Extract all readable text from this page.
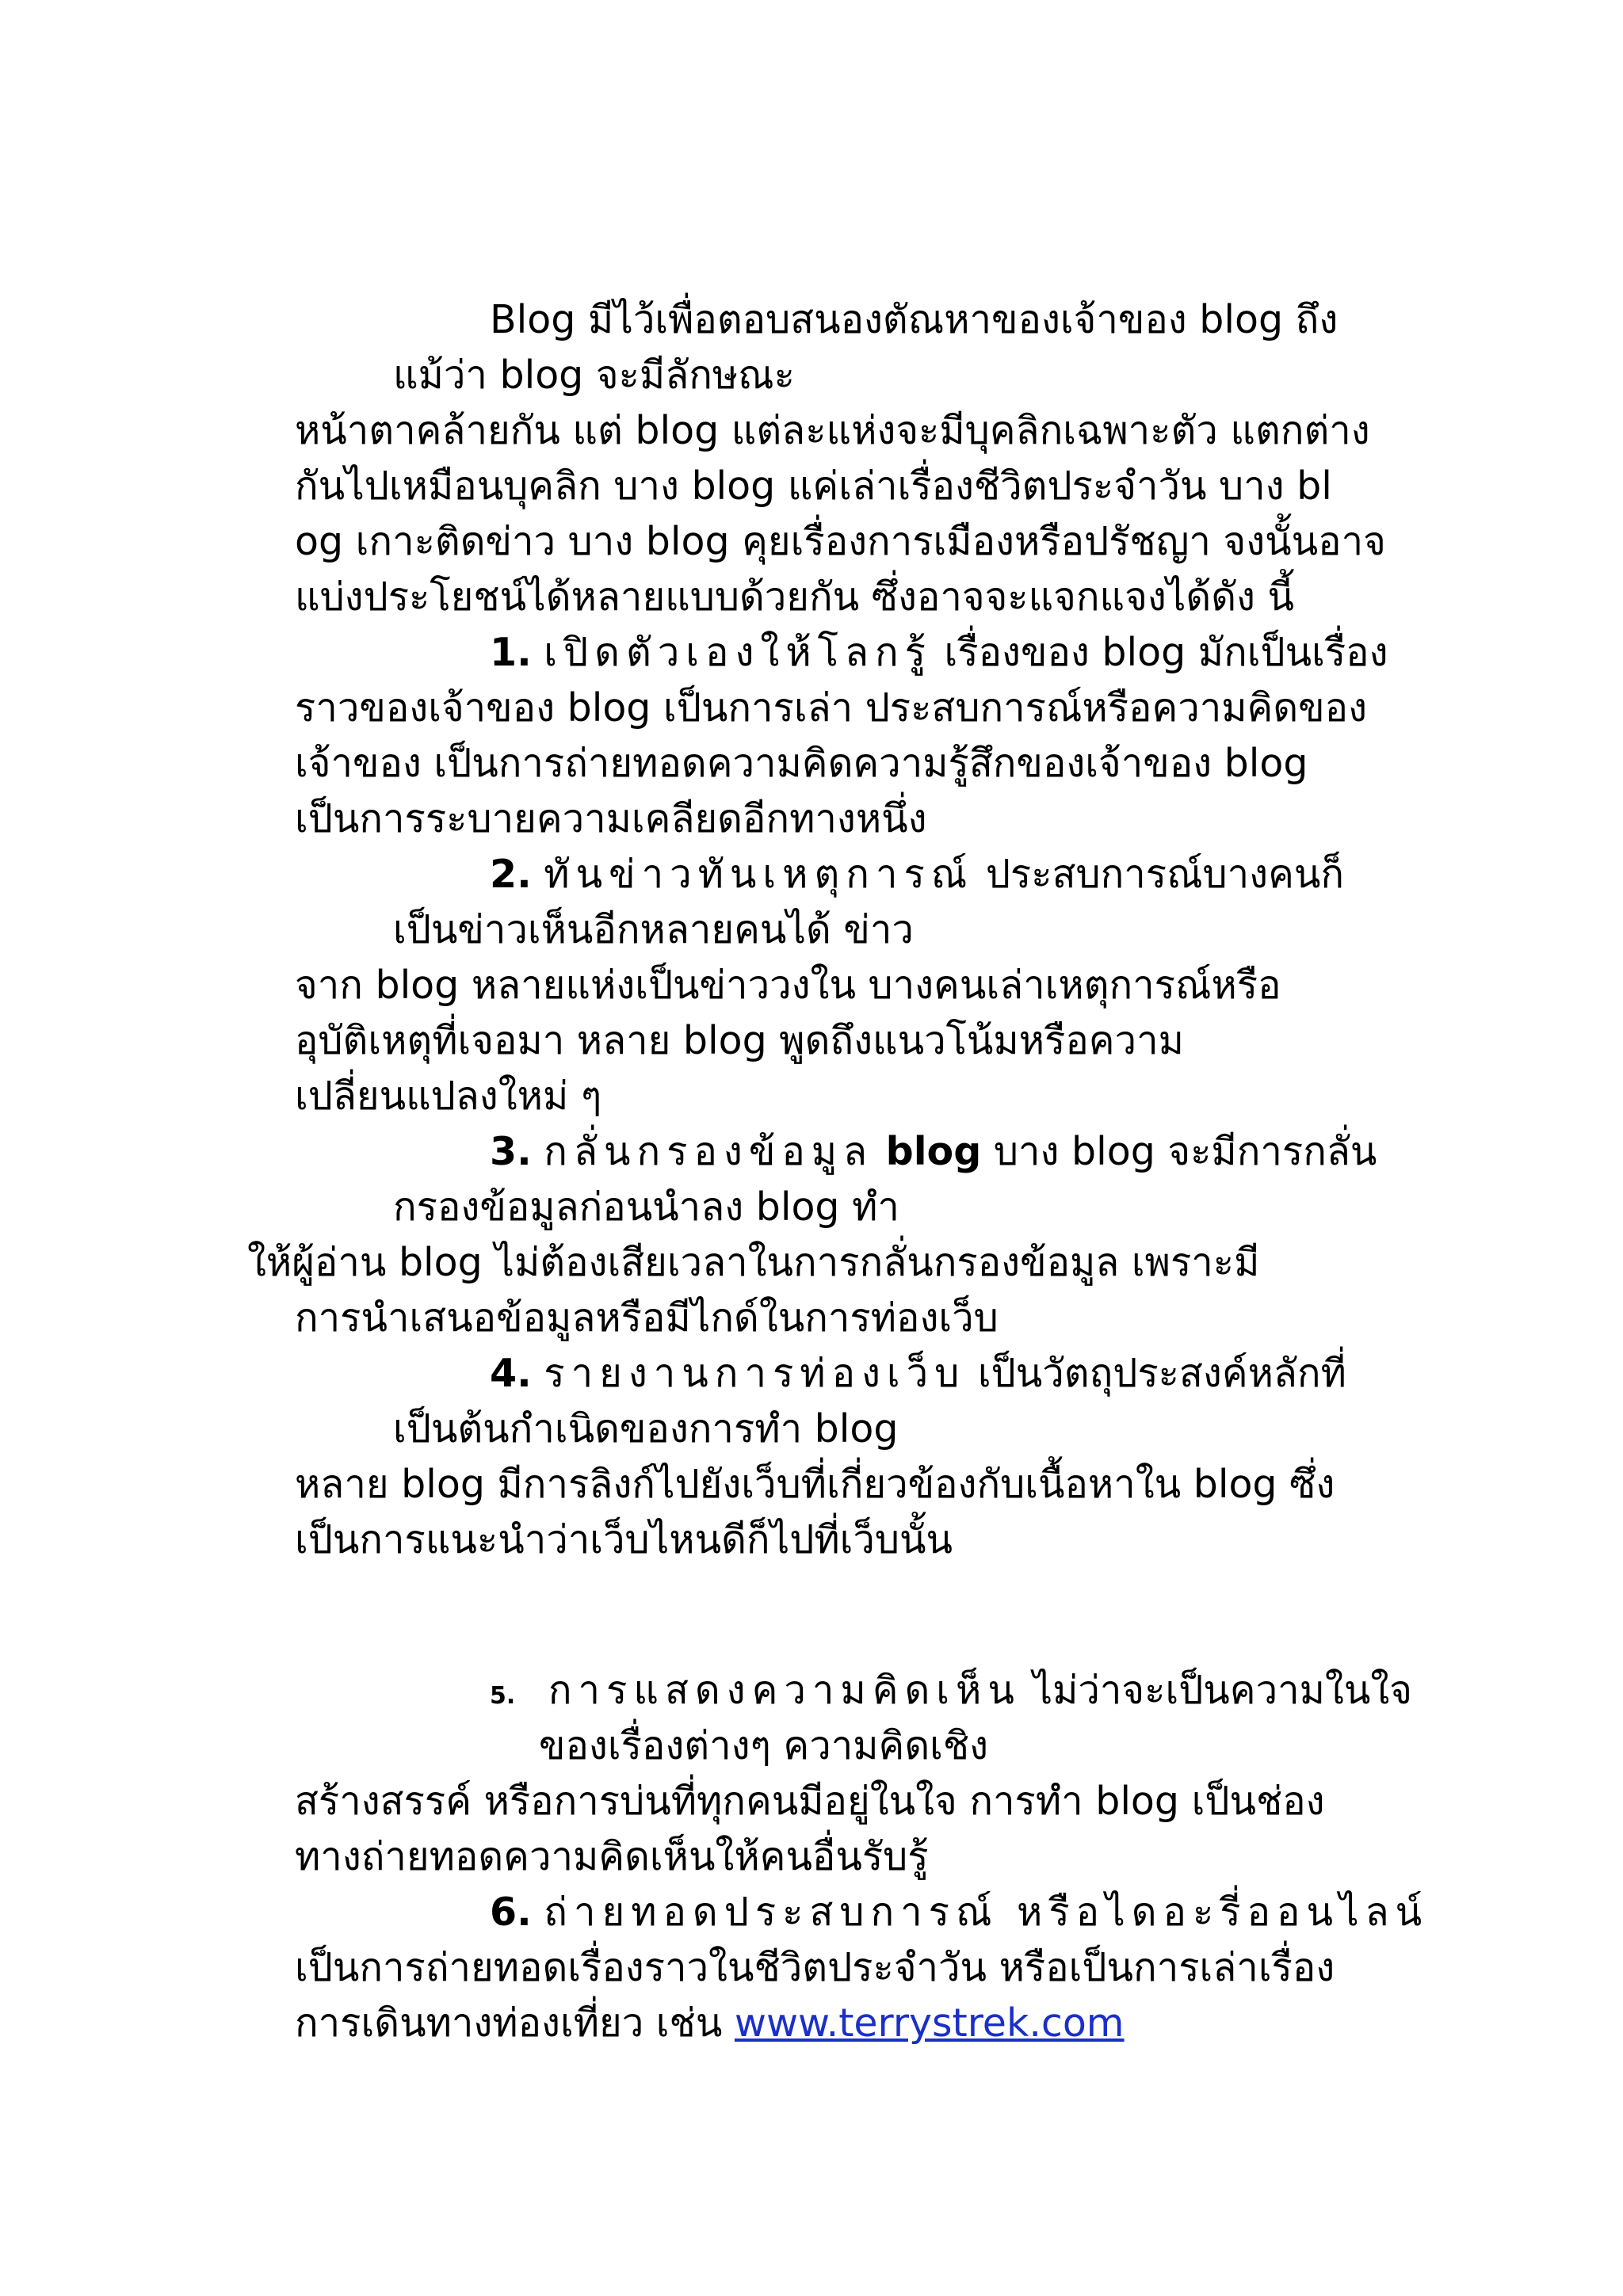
Blog มีไว้เพื่อตอบสนองตัณหาของเจ้าของ blog ถึง
แม้ว่า blog จะมีลักษณะ
หน้าตาคล้ายกัน แต่ blog แต่ละแห่งจะมีบุคลิกเฉพาะตัว แตกต่าง
กันไปเหมือนบุคลิก บาง blog แค่เล่าเรื่องชีวิตประจำวัน บาง bl
og เกาะติดข่าว บาง blog คุยเรื่องการเมืองหรือปรัชญา จงนั้นอาจ
แบ่งประโยชน์ได้หลายแบบด้วยกัน ซึ่งอาจจะแจกแจงได้ดัง นี้
1. เปิดตัวเองให้โลกรู้ เรื่องของ blog มักเป็นเรื่อง
ราวของเจ้าของ blog เป็นการเล่า ประสบการณ์หรือความคิดของ
เจ้าของ เป็นการถ่ายทอดความคิดความรู้สึกของเจ้าของ blog
เป็นการระบายความเคลียดอีกทางหนึ่ง
2. ทันข่าวทันเหตุการณ์ ประสบการณ์บางคนก็
เป็นข่าวเห็นอีกหลายคนได้ ข่าว
จาก blog หลายแห่งเป็นข่าววงใน บางคนเล่าเหตุการณ์หรือ
อุบัติเหตุที่เจอมา หลาย blog พูดถึงแนวโน้มหรือความ
เปลี่ยนแปลงใหม่ ๆ
3. กลั่นกรองข้อมูล blog บาง blog จะมีการกลั่น
กรองข้อมูลก่อนนำลง blog ทำ
ให้ผู้อ่าน blog ไม่ต้องเสียเวลาในการกลั่นกรองข้อมูล เพราะมี
การนำเสนอข้อมูลหรือมีไกด์ในการท่องเว็บ
4. รายงานการท่องเว็บ เป็นวัตถุประสงค์หลักที่
เป็นต้นกำเนิดของการทำ blog
หลาย blog มีการลิงก์ไปยังเว็บที่เกี่ยวข้องกับเนื้อหาใน blog ซึ่ง
เป็นการแนะนำว่าเว็บไหนดีก็ไปที่เว็บนั้น
5. การแสดงความคิดเห็น ไม่ว่าจะเป็นความในใจ
ของเรื่องต่างๆ ความคิดเชิง
สร้างสรรค์ หรือการบ่นที่ทุกคนมีอยู่ในใจ การทำ blog เป็นช่อง
ทางถ่ายทอดความคิดเห็นให้คนอื่นรับรู้
6. ถ่ายทอดประสบการณ์ หรือไดอะรี่ออนไลน์
เป็นการถ่ายทอดเรื่องราวในชีวิตประจำวัน หรือเป็นการเล่าเรื่อง
การเดินทางท่องเที่ยว เช่น www.terrystrek.com
